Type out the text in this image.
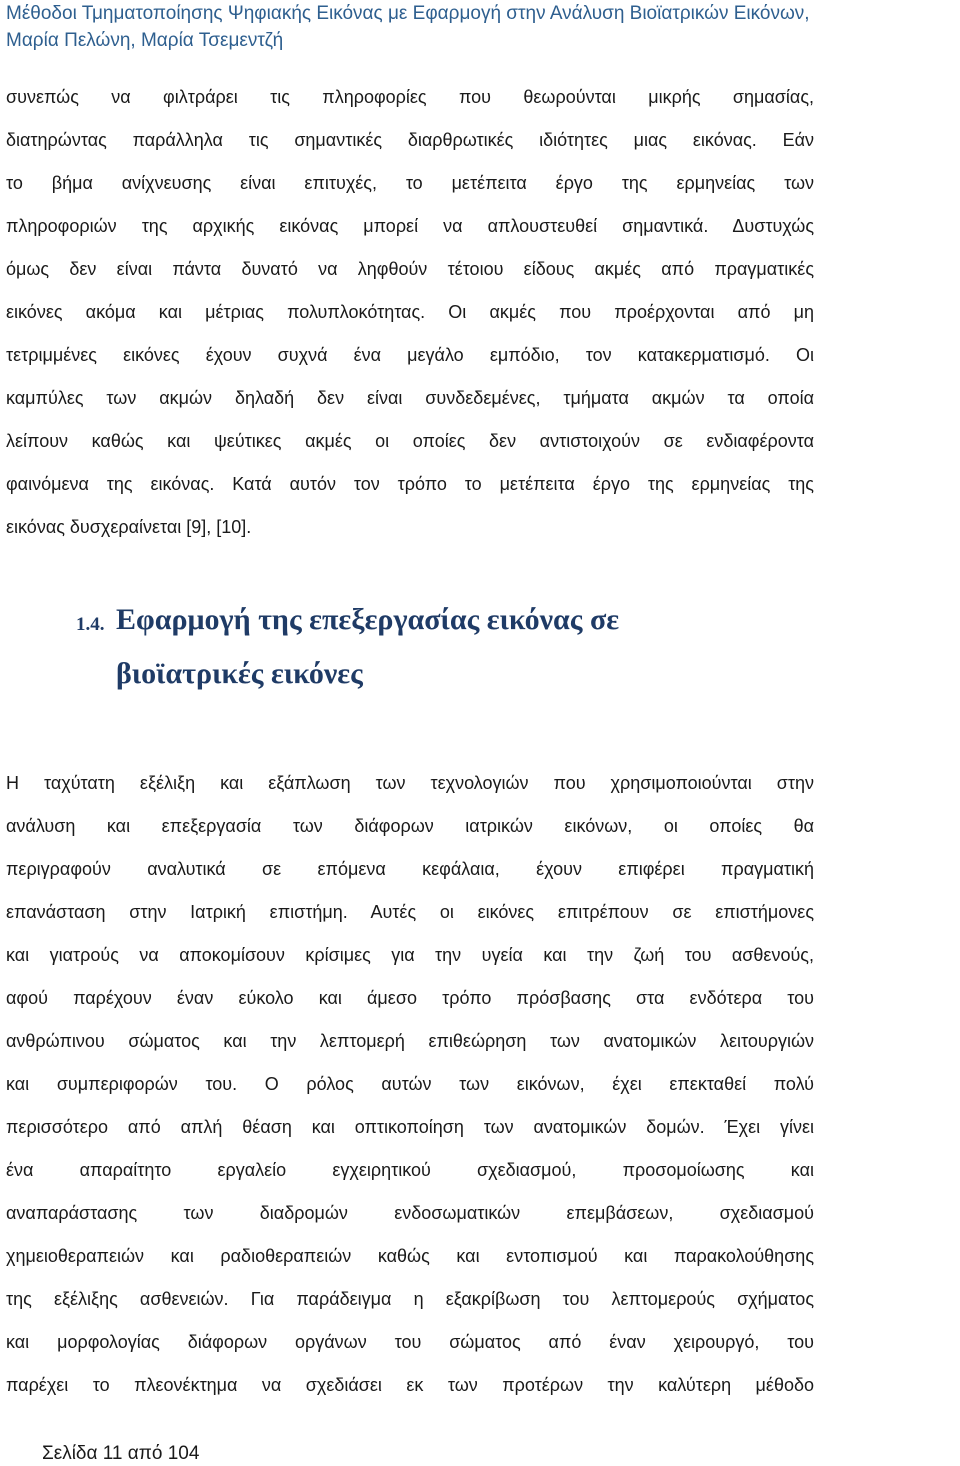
Μέθοδοι Τμηματοποίησης Ψηφιακής Εικόνας με Εφαρμογή στην Ανάλυση Βιοϊατρικών Εικόνων,
Μαρία Πελώνη, Μαρία Τσεμεντζή
συνεπώς να φιλτράρει τις πληροφορίες που θεωρούνται μικρής σημασίας,
διατηρώντας παράλληλα τις σημαντικές διαρθρωτικές ιδιότητες μιας εικόνας. Εάν
το βήμα ανίχνευσης είναι επιτυχές, το μετέπειτα έργο της ερμηνείας των
πληροφοριών της αρχικής εικόνας μπορεί να απλουστευθεί σημαντικά. Δυστυχώς
όμως δεν είναι πάντα δυνατό να ληφθούν τέτοιου είδους ακμές από πραγματικές
εικόνες ακόμα και μέτριας πολυπλοκότητας. Οι ακμές που προέρχονται από μη
τετριμμένες εικόνες έχουν συχνά ένα μεγάλο εμπόδιο, τον κατακερματισμό. Οι
καμπύλες των ακμών δηλαδή δεν είναι συνδεδεμένες, τμήματα ακμών τα οποία
λείπουν καθώς και ψεύτικες ακμές οι οποίες δεν αντιστοιχούν σε ενδιαφέροντα
φαινόμενα της εικόνας. Κατά αυτόν τον τρόπο το μετέπειτα έργο της ερμηνείας της
εικόνας δυσχεραίνεται [9], [10].
1.4. Εφαρμογή της επεξεργασίας εικόνας σε
βιοϊατρικές εικόνες
Η ταχύτατη εξέλιξη και εξάπλωση των τεχνολογιών που χρησιμοποιούνται στην
ανάλυση και επεξεργασία των διάφορων ιατρικών εικόνων, οι οποίες θα
περιγραφούν αναλυτικά σε επόμενα κεφάλαια, έχουν επιφέρει πραγματική
επανάσταση στην Ιατρική επιστήμη. Αυτές οι εικόνες επιτρέπουν σε επιστήμονες
και γιατρούς να αποκομίσουν κρίσιμες για την υγεία και την ζωή του ασθενούς,
αφού παρέχουν έναν εύκολο και άμεσο τρόπο πρόσβασης στα ενδότερα του
ανθρώπινου σώματος και την λεπτομερή επιθεώρηση των ανατομικών λειτουργιών
και συμπεριφορών του. Ο ρόλος αυτών των εικόνων, έχει επεκταθεί πολύ
περισσότερο από απλή θέαση και οπτικοποίηση των ανατομικών δομών. Έχει γίνει
ένα απαραίτητο εργαλείο εγχειρητικού σχεδιασμού, προσομοίωσης και
αναπαράστασης των διαδρομών ενδοσωματικών επεμβάσεων, σχεδιασμού
χημειοθεραπειών και ραδιοθεραπειών καθώς και εντοπισμού και παρακολούθησης
της εξέλιξης ασθενειών. Για παράδειγμα η εξακρίβωση του λεπτομερούς σχήματος
και μορφολογίας διάφορων οργάνων του σώματος από έναν χειρουργό, του
παρέχει το πλεονέκτημα να σχεδιάσει εκ των προτέρων την καλύτερη μέθοδο
Σελίδα 11 από 104
